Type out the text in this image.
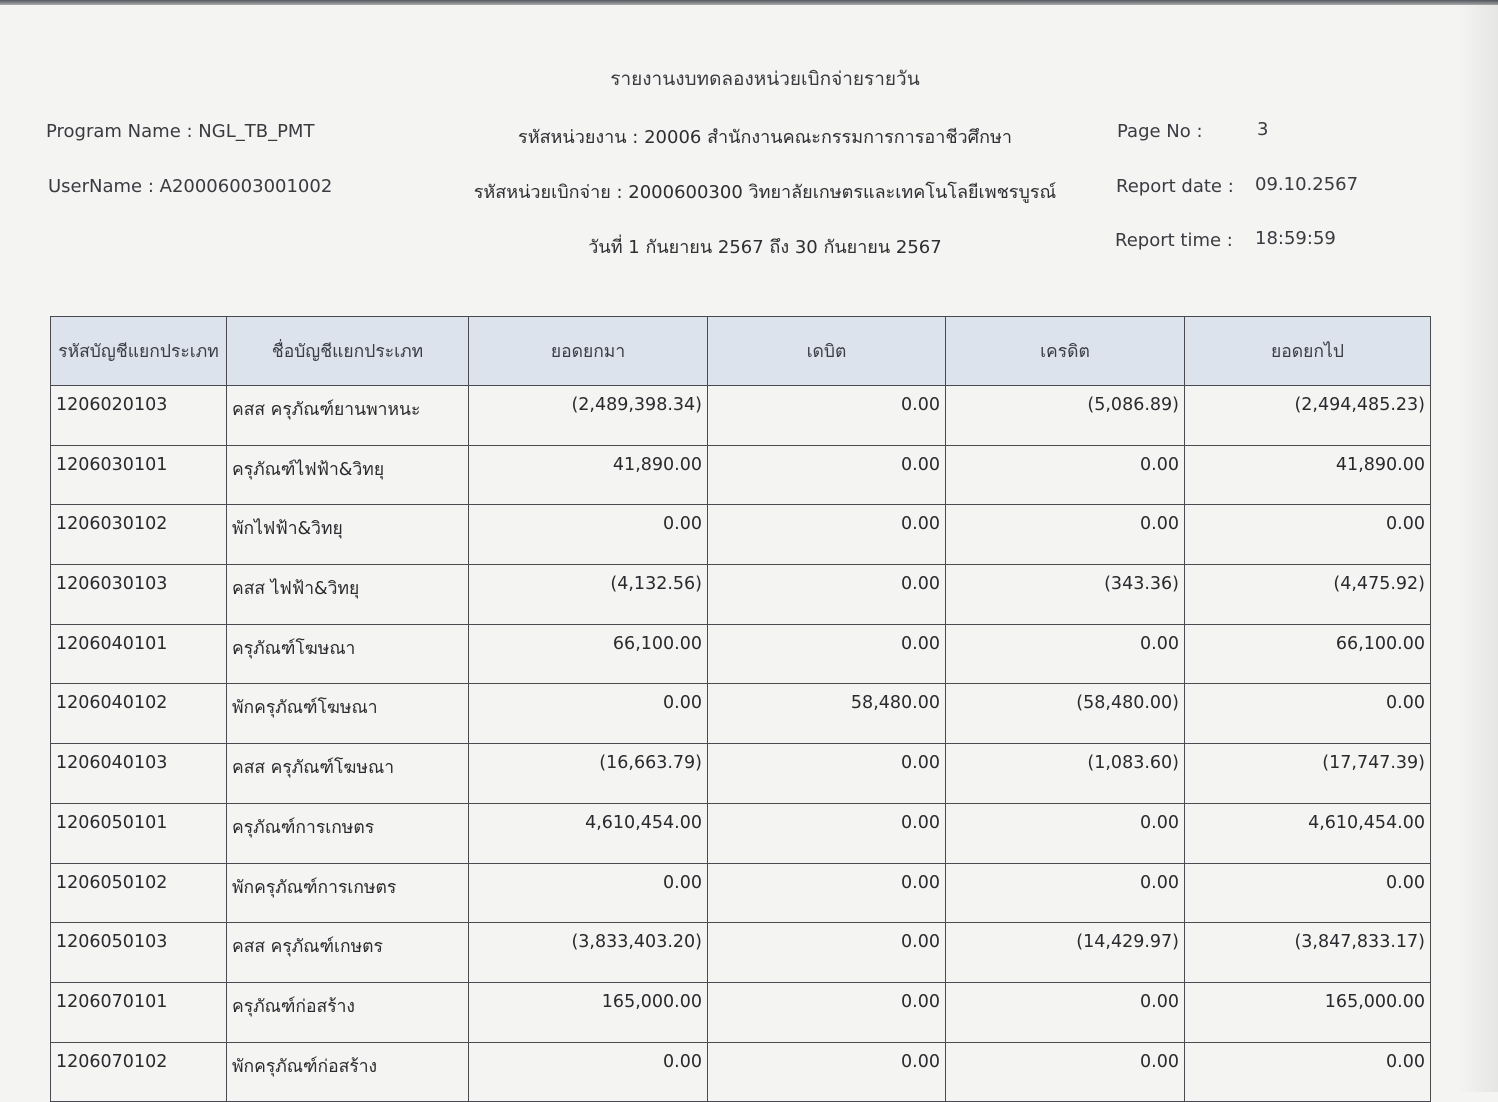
รายงานงบทดลองหน่วยเบิกจ่ายรายวัน
Program Name : NGL_TB_PMT
UserName : A20006003001002
รหัสหน่วยงาน : 20006 สำนักงานคณะกรรมการการอาชีวศึกษา
รหัสหน่วยเบิกจ่าย : 2000600300 วิทยาลัยเกษตรและเทคโนโลยีเพชรบูรณ์
วันที่ 1 กันยายน 2567 ถึง 30 กันยายน 2567
Page No :	3
Report date : 09.10.2567
Report time : 18:59:59
รหัสบัญชีแยกประเภท	ชื่อบัญชีแยกประเภท	ยอดยกมา	เดบิต	เครดิต	ยอดยกไป
1206020103	คสส ครุภัณฑ์ยานพาหนะ	(2,489,398.34)	0.00	(5,086.89)	(2,494,485.23)
1206030101	ครุภัณฑ์ไฟฟ้า&วิทยุ	41,890.00	0.00	0.00	41,890.00
1206030102	พักไฟฟ้า&วิทยุ	0.00	0.00	0.00	0.00
1206030103	คสส ไฟฟ้า&วิทยุ	(4,132.56)	0.00	(343.36)	(4,475.92)
1206040101	ครุภัณฑ์โฆษณา	66,100.00	0.00	0.00	66,100.00
1206040102	พักครุภัณฑ์โฆษณา	0.00	58,480.00	(58,480.00)	0.00
1206040103	คสส ครุภัณฑ์โฆษณา	(16,663.79)	0.00	(1,083.60)	(17,747.39)
1206050101	ครุภัณฑ์การเกษตร	4,610,454.00	0.00	0.00	4,610,454.00
1206050102	พักครุภัณฑ์การเกษตร	0.00	0.00	0.00	0.00
1206050103	คสส ครุภัณฑ์เกษตร	(3,833,403.20)	0.00	(14,429.97)	(3,847,833.17)
1206070101	ครุภัณฑ์ก่อสร้าง	165,000.00	0.00	0.00	165,000.00
1206070102	พักครุภัณฑ์ก่อสร้าง	0.00	0.00	0.00	0.00
